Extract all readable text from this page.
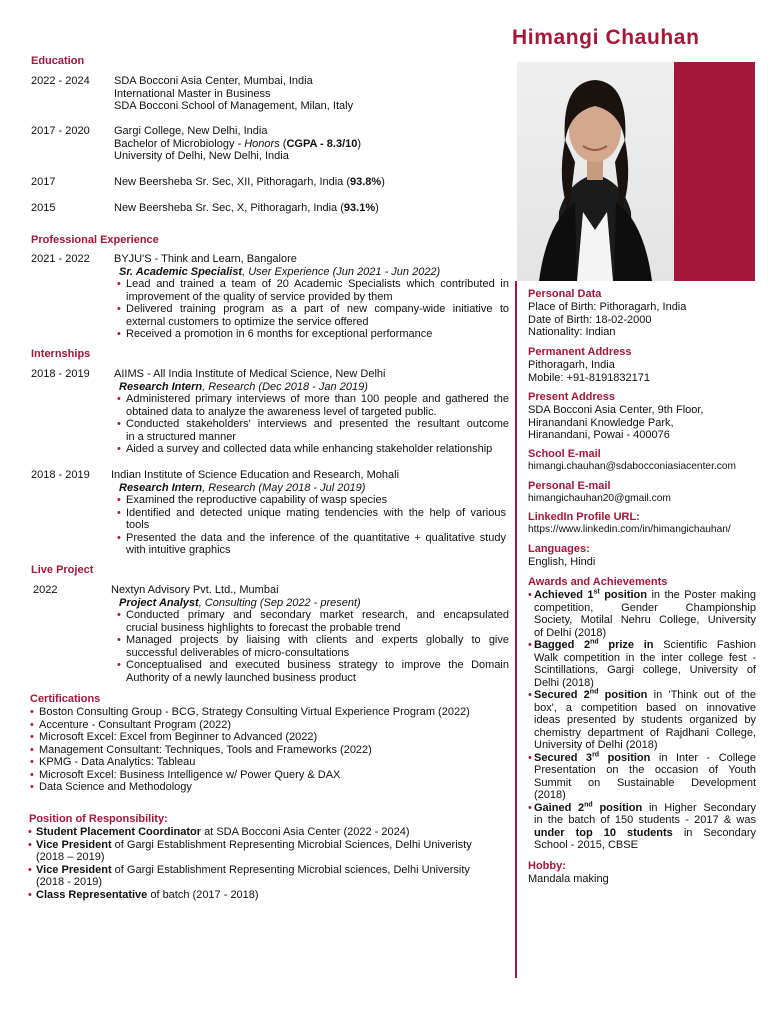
Himangi Chauhan
Education
2022 - 2024 SDA Bocconi Asia Center, Mumbai, India
International Master in Business
SDA Bocconi School of Management, Milan, Italy
2017 - 2020 Gargi College, New Delhi, India
Bachelor of Microbiology - Honors (CGPA - 8.3/10)
University of Delhi, New Delhi, India
2017	New Beersheba Sr. Sec, XII, Pithoragarh, India (93.8%)
2015	New Beersheba Sr. Sec, X, Pithoragarh, India (93.1%)
Professional Experience
2021 - 2022 BYJU'S - Think and Learn, Bangalore
Sr. Academic Specialist, User Experience (Jun 2021 - Jun 2022)
• Lead and trained a team of 20 Academic Specialists which contributed in
improvement of the quality of service provided by them
• Delivered training program as a part of new company-wide initiative to
external customers to optimize the service offered
• Received a promotion in 6 months for exceptional performance
Internships
2018 - 2019 AIIMS - All India Institute of Medical Science, New Delhi
Research Intern, Research (Dec 2018 - Jan 2019)
• Administered primary interviews of more than 100 people and gathered the
obtained data to analyze the awareness level of targeted public.
• Conducted stakeholders' interviews and presented the resultant outcome
in a structured manner
• Aided a survey and collected data while enhancing stakeholder relationship
2018 - 2019 Indian Institute of Science Education and Research, Mohali
Research Intern, Research (May 2018 - Jul 2019)
• Examined the reproductive capability of wasp species
• Identified and detected unique mating tendencies with the help of various
tools
• Presented the data and the inference of the quantitative + qualitative study
with intuitive graphics
Live Project
2022	Nextyn Advisory Pvt. Ltd., Mumbai
Project Analyst, Consulting (Sep 2022 - present)
• Conducted primary and secondary market research, and encapsulated
crucial business highlights to forecast the probable trend
• Managed projects by liaising with clients and experts globally to give
successful deliverables of micro-consultations
• Conceptualised and executed business strategy to improve the Domain
Authority of a newly launched business product
Certifications
• Boston Consulting Group - BCG, Strategy Consulting Virtual Experience Program (2022)
• Accenture - Consultant Program (2022)
• Microsoft Excel: Excel from Beginner to Advanced (2022)
• Management Consultant: Techniques, Tools and Frameworks (2022)
• KPMG - Data Analytics: Tableau
• Microsoft Excel: Business Intelligence w/ Power Query & DAX
• Data Science and Methodology
Position of Responsibility:
• Student Placement Coordinator at SDA Bocconi Asia Center (2022 - 2024)
• Vice President of Gargi Establishment Representing Microbial Sciences, Delhi Univeristy
(2018 – 2019)
• Vice President of Gargi Establishment Representing Microbial sciences, Delhi University
(2018 - 2019)
• Class Representative of batch (2017 - 2018)
Personal Data
Place of Birth: Pithoragarh, India
Date of Birth: 18-02-2000
Nationality: Indian
Permanent Address
Pithoragarh, India
Mobile: +91-8191832171
Present Address
SDA Bocconi Asia Center, 9th Floor,
Hiranandani Knowledge Park,
Hiranandani, Powai - 400076
School E-mail
himangi.chauhan@sdabocconiasiacenter.com
Personal E-mail
himangichauhan20@gmail.com
LinkedIn Profile URL:
https://www.linkedin.com/in/himangichauhan/
Languages:
English, Hindi
Awards and Achievements
• Achieved 1st position in the Poster making
competition, Gender Championship
Society, Motilal Nehru College, University
of Delhi (2018)
• Bagged 2nd prize in Scientific Fashion
Walk competition in the inter college fest -
Scintillations, Gargi college, University of
Delhi (2018)
• Secured 2nd position in 'Think out of the
box', a competition based on innovative
ideas presented by students organized by
chemistry department of Rajdhani College,
University of Delhi (2018)
• Secured 3rd position in Inter - College
Presentation on the occasion of Youth
Summit on Sustainable Development
(2018)
• Gained 2nd position in Higher Secondary
in the batch of 150 students - 2017 & was
under top 10 students in Secondary
School - 2015, CBSE
Hobby:
Mandala making
